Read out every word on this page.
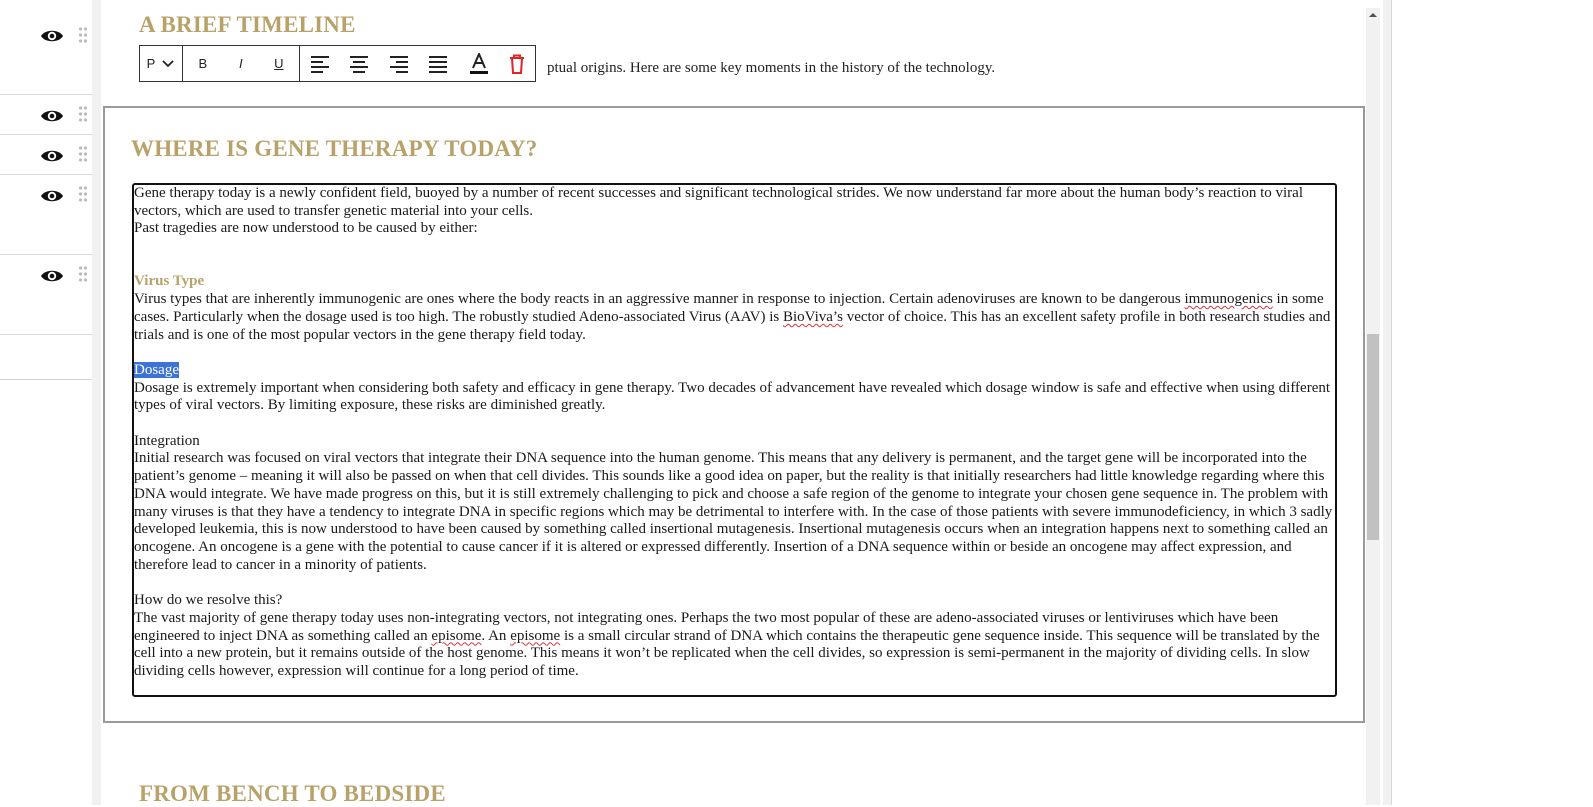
A BRIEF TIMELINE
ptual origins. Here are some key moments in the history of the technology.
P	B	I	U
WHERE IS GENE THERAPY TODAY?

Gene therapy today is a newly confident field, buoyed by a number of recent successes and significant technological strides. We now understand far more about the human body’s reaction to viral vectors, which are used to transfer genetic material into your cells.

Past tragedies are now understood to be caused by either:

Virus Type

Virus types that are inherently immunogenic are ones where the body reacts in an aggressive manner in response to injection. Certain adenoviruses are known to be dangerous immunogenics in some cases. Particularly when the dosage used is too high. The robustly studied Adeno-associated Virus (AAV) is BioViva’s vector of choice. This has an excellent safety profile in both research studies and trials and is one of the most popular vectors in the gene therapy field today.

Dosage

Dosage is extremely important when considering both safety and efficacy in gene therapy. Two decades of advancement have revealed which dosage window is safe and effective when using different types of viral vectors. By limiting exposure, these risks are diminished greatly.

Integration

Initial research was focused on viral vectors that integrate their DNA sequence into the human genome. This means that any delivery is permanent, and the target gene will be incorporated into the patient’s genome – meaning it will also be passed on when that cell divides. This sounds like a good idea on paper, but the reality is that initially researchers had little knowledge regarding where this DNA would integrate. We have made progress on this, but it is still extremely challenging to pick and choose a safe region of the genome to integrate your chosen gene sequence in. The problem with many viruses is that they have a tendency to integrate DNA in specific regions which may be detrimental to interfere with. In the case of those patients with severe immunodeficiency, in which 3 sadly developed leukemia, this is now understood to have been caused by something called insertional mutagenesis. Insertional mutagenesis occurs when an integration happens next to something called an oncogene. An oncogene is a gene with the potential to cause cancer if it is altered or expressed differently. Insertion of a DNA sequence within or beside an oncogene may affect expression, and therefore lead to cancer in a minority of patients.

How do we resolve this?

The vast majority of gene therapy today uses non-integrating vectors, not integrating ones. Perhaps the two most popular of these are adeno-associated viruses or lentiviruses which have been engineered to inject DNA as something called an episome. An episome is a small circular strand of DNA which contains the therapeutic gene sequence inside. This sequence will be translated by the cell into a new protein, but it remains outside of the host genome. This means it won’t be replicated when the cell divides, so expression is semi-permanent in the majority of dividing cells. In slow dividing cells however, expression will continue for a long period of time.

FROM BENCH TO BEDSIDE
